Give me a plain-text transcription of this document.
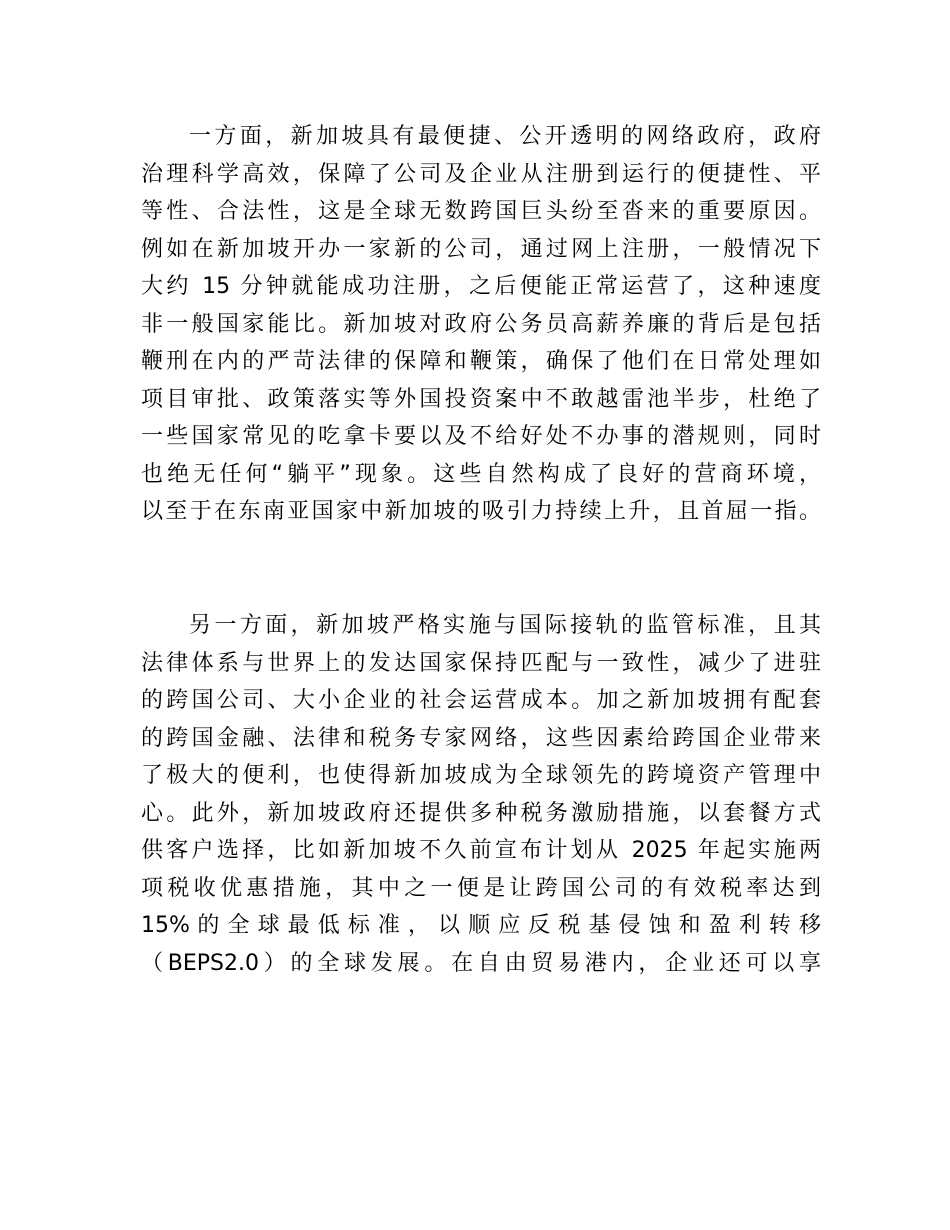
一方面，新加坡具有最便捷、公开透明的网络政府，政府
治理科学高效，保障了公司及企业从注册到运行的便捷性、平
等性、合法性，这是全球无数跨国巨头纷至沓来的重要原因。
例如在新加坡开办一家新的公司，通过网上注册，一般情况下
大约 15 分钟就能成功注册，之后便能正常运营了，这种速度
非一般国家能比。新加坡对政府公务员高薪养廉的背后是包括
鞭刑在内的严苛法律的保障和鞭策，确保了他们在日常处理如
项目审批、政策落实等外国投资案中不敢越雷池半步，杜绝了
一些国家常见的吃拿卡要以及不给好处不办事的潜规则，同时
也绝无任何“躺平”现象。这些自然构成了良好的营商环境，
以至于在东南亚国家中新加坡的吸引力持续上升，且首屈一指。
另一方面，新加坡严格实施与国际接轨的监管标准，且其
法律体系与世界上的发达国家保持匹配与一致性，减少了进驻
的跨国公司、大小企业的社会运营成本。加之新加坡拥有配套
的跨国金融、法律和税务专家网络，这些因素给跨国企业带来
了极大的便利，也使得新加坡成为全球领先的跨境资产管理中
心。此外，新加坡政府还提供多种税务激励措施，以套餐方式
供客户选择，比如新加坡不久前宣布计划从 2025 年起实施两
项税收优惠措施，其中之一便是让跨国公司的有效税率达到
15% 的 全 球 最 低 标 准 ， 以 顺 应 反 税 基 侵 蚀 和 盈 利 转 移
（BEPS2.0）的全球发展。在自由贸易港内，企业还可以享
